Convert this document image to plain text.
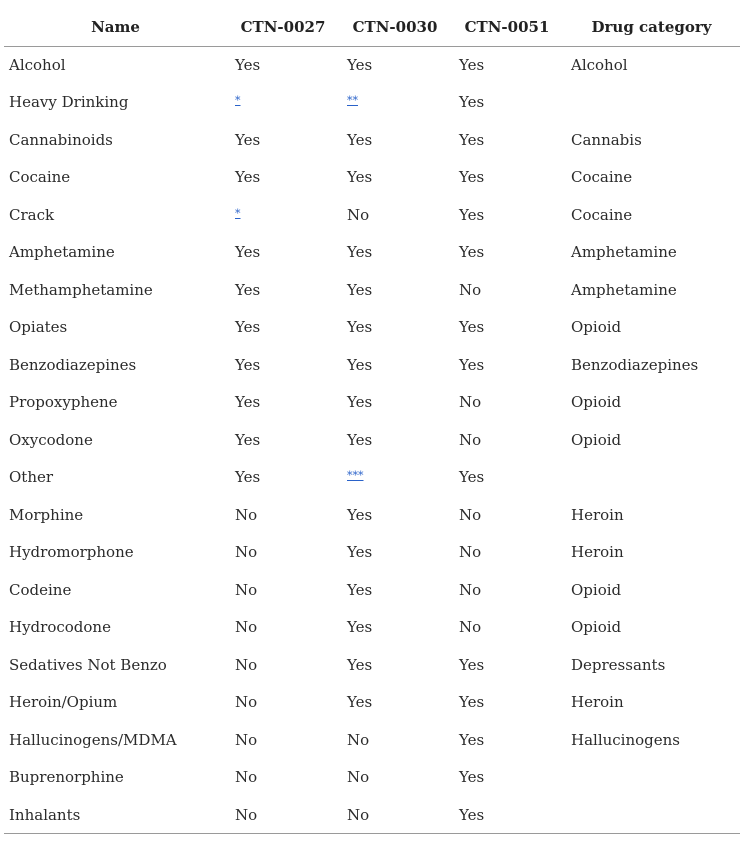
Name	CTN-0027	CTN-0030	CTN-0051	Drug category
Alcohol	Yes	Yes	Yes	Alcohol
Heavy Drinking	*	**	Yes	
Cannabinoids	Yes	Yes	Yes	Cannabis
Cocaine	Yes	Yes	Yes	Cocaine
Crack	*	No	Yes	Cocaine
Amphetamine	Yes	Yes	Yes	Amphetamine
Methamphetamine	Yes	Yes	No	Amphetamine
Opiates	Yes	Yes	Yes	Opioid
Benzodiazepines	Yes	Yes	Yes	Benzodiazepines
Propoxyphene	Yes	Yes	No	Opioid
Oxycodone	Yes	Yes	No	Opioid
Other	Yes	***	Yes	
Morphine	No	Yes	No	Heroin
Hydromorphone	No	Yes	No	Heroin
Codeine	No	Yes	No	Opioid
Hydrocodone	No	Yes	No	Opioid
Sedatives Not Benzo	No	Yes	Yes	Depressants
Heroin/Opium	No	Yes	Yes	Heroin
Hallucinogens/MDMA	No	No	Yes	Hallucinogens
Buprenorphine	No	No	Yes	
Inhalants	No	No	Yes	
